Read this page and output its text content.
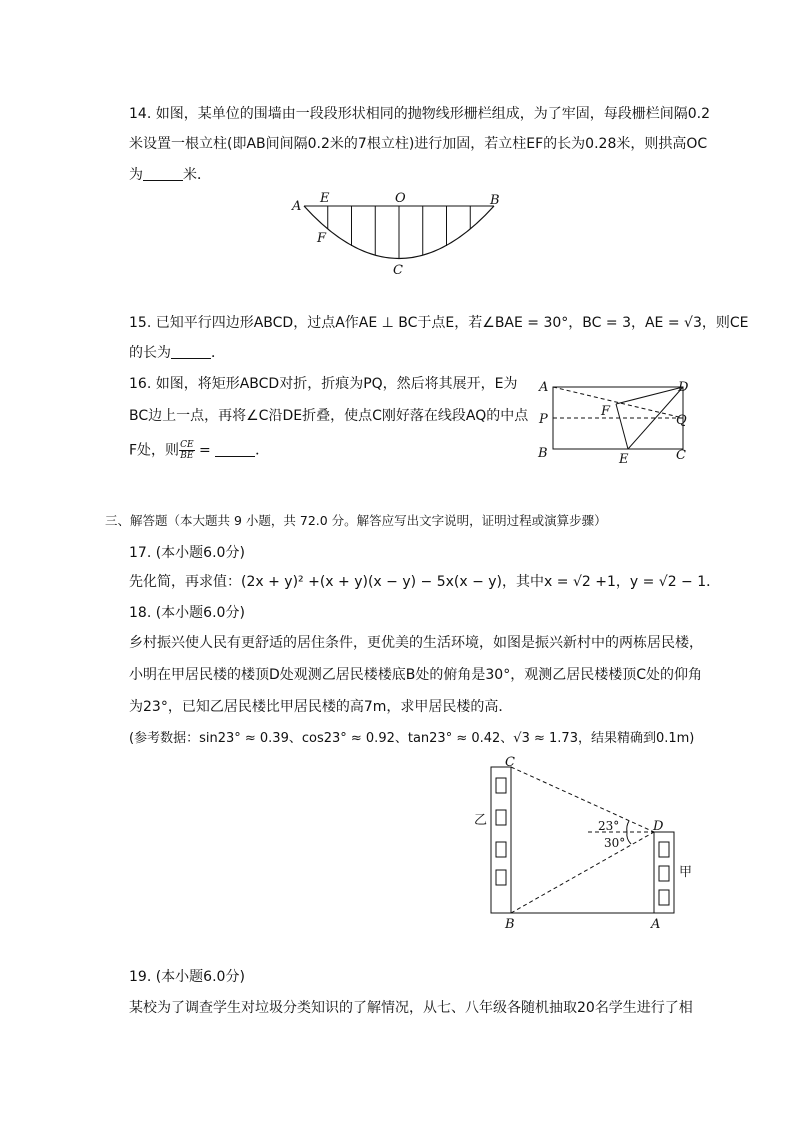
14. 如图，某单位的围墙由一段段形状相同的抛物线形栅栏组成，为了牢固，每段栅栏间隔0.2
米设置一根立柱(即AB间间隔0.2米的7根立柱)进行加固，若立柱EF的长为0.28米，则拱高OC
为	米．
A
E	O	B
F
C
15. 已知平行四边形ABCD，过点A作AE ⊥ BC于点E，若∠BAE = 30°，BC = 3，AE = √3，则CE
的长为	．
16. 如图，将矩形ABCD对折，折痕为PQ，然后将其展开，E为
BC边上一点，再将∠C沿DE折叠，使点C刚好落在线段AQ的中点
F处，则 $\frac{CE}{BE}$ =	．
A	D
P	Q
F
B	E	C
三、解答题（本大题共 9 小题，共 72.0 分。解答应写出文字说明，证明过程或演算步骤）
17. (本小题6.0分)
先化简，再求值：(2x + y)² +(x + y)(x − y) − 5x(x − y)，其中x = √2 +1，y = √2 − 1．
18. (本小题6.0分)
乡村振兴使人民有更舒适的居住条件，更优美的生活环境，如图是振兴新村中的两栋居民楼，
小明在甲居民楼的楼顶D处观测乙居民楼楼底B处的俯角是30°，观测乙居民楼楼顶C处的仰角
为23°，已知乙居民楼比甲居民楼的高7m，求甲居民楼的高．
(参考数据：sin23° ≈ 0.39、cos23° ≈ 0.92、tan23° ≈ 0.42、√3 ≈ 1.73，结果精确到0.1m)
C
D
B	A
乙
甲
23°
30°
19. (本小题6.0分)
某校为了调查学生对垃圾分类知识的了解情况，从七、八年级各随机抽取20名学生进行了相
